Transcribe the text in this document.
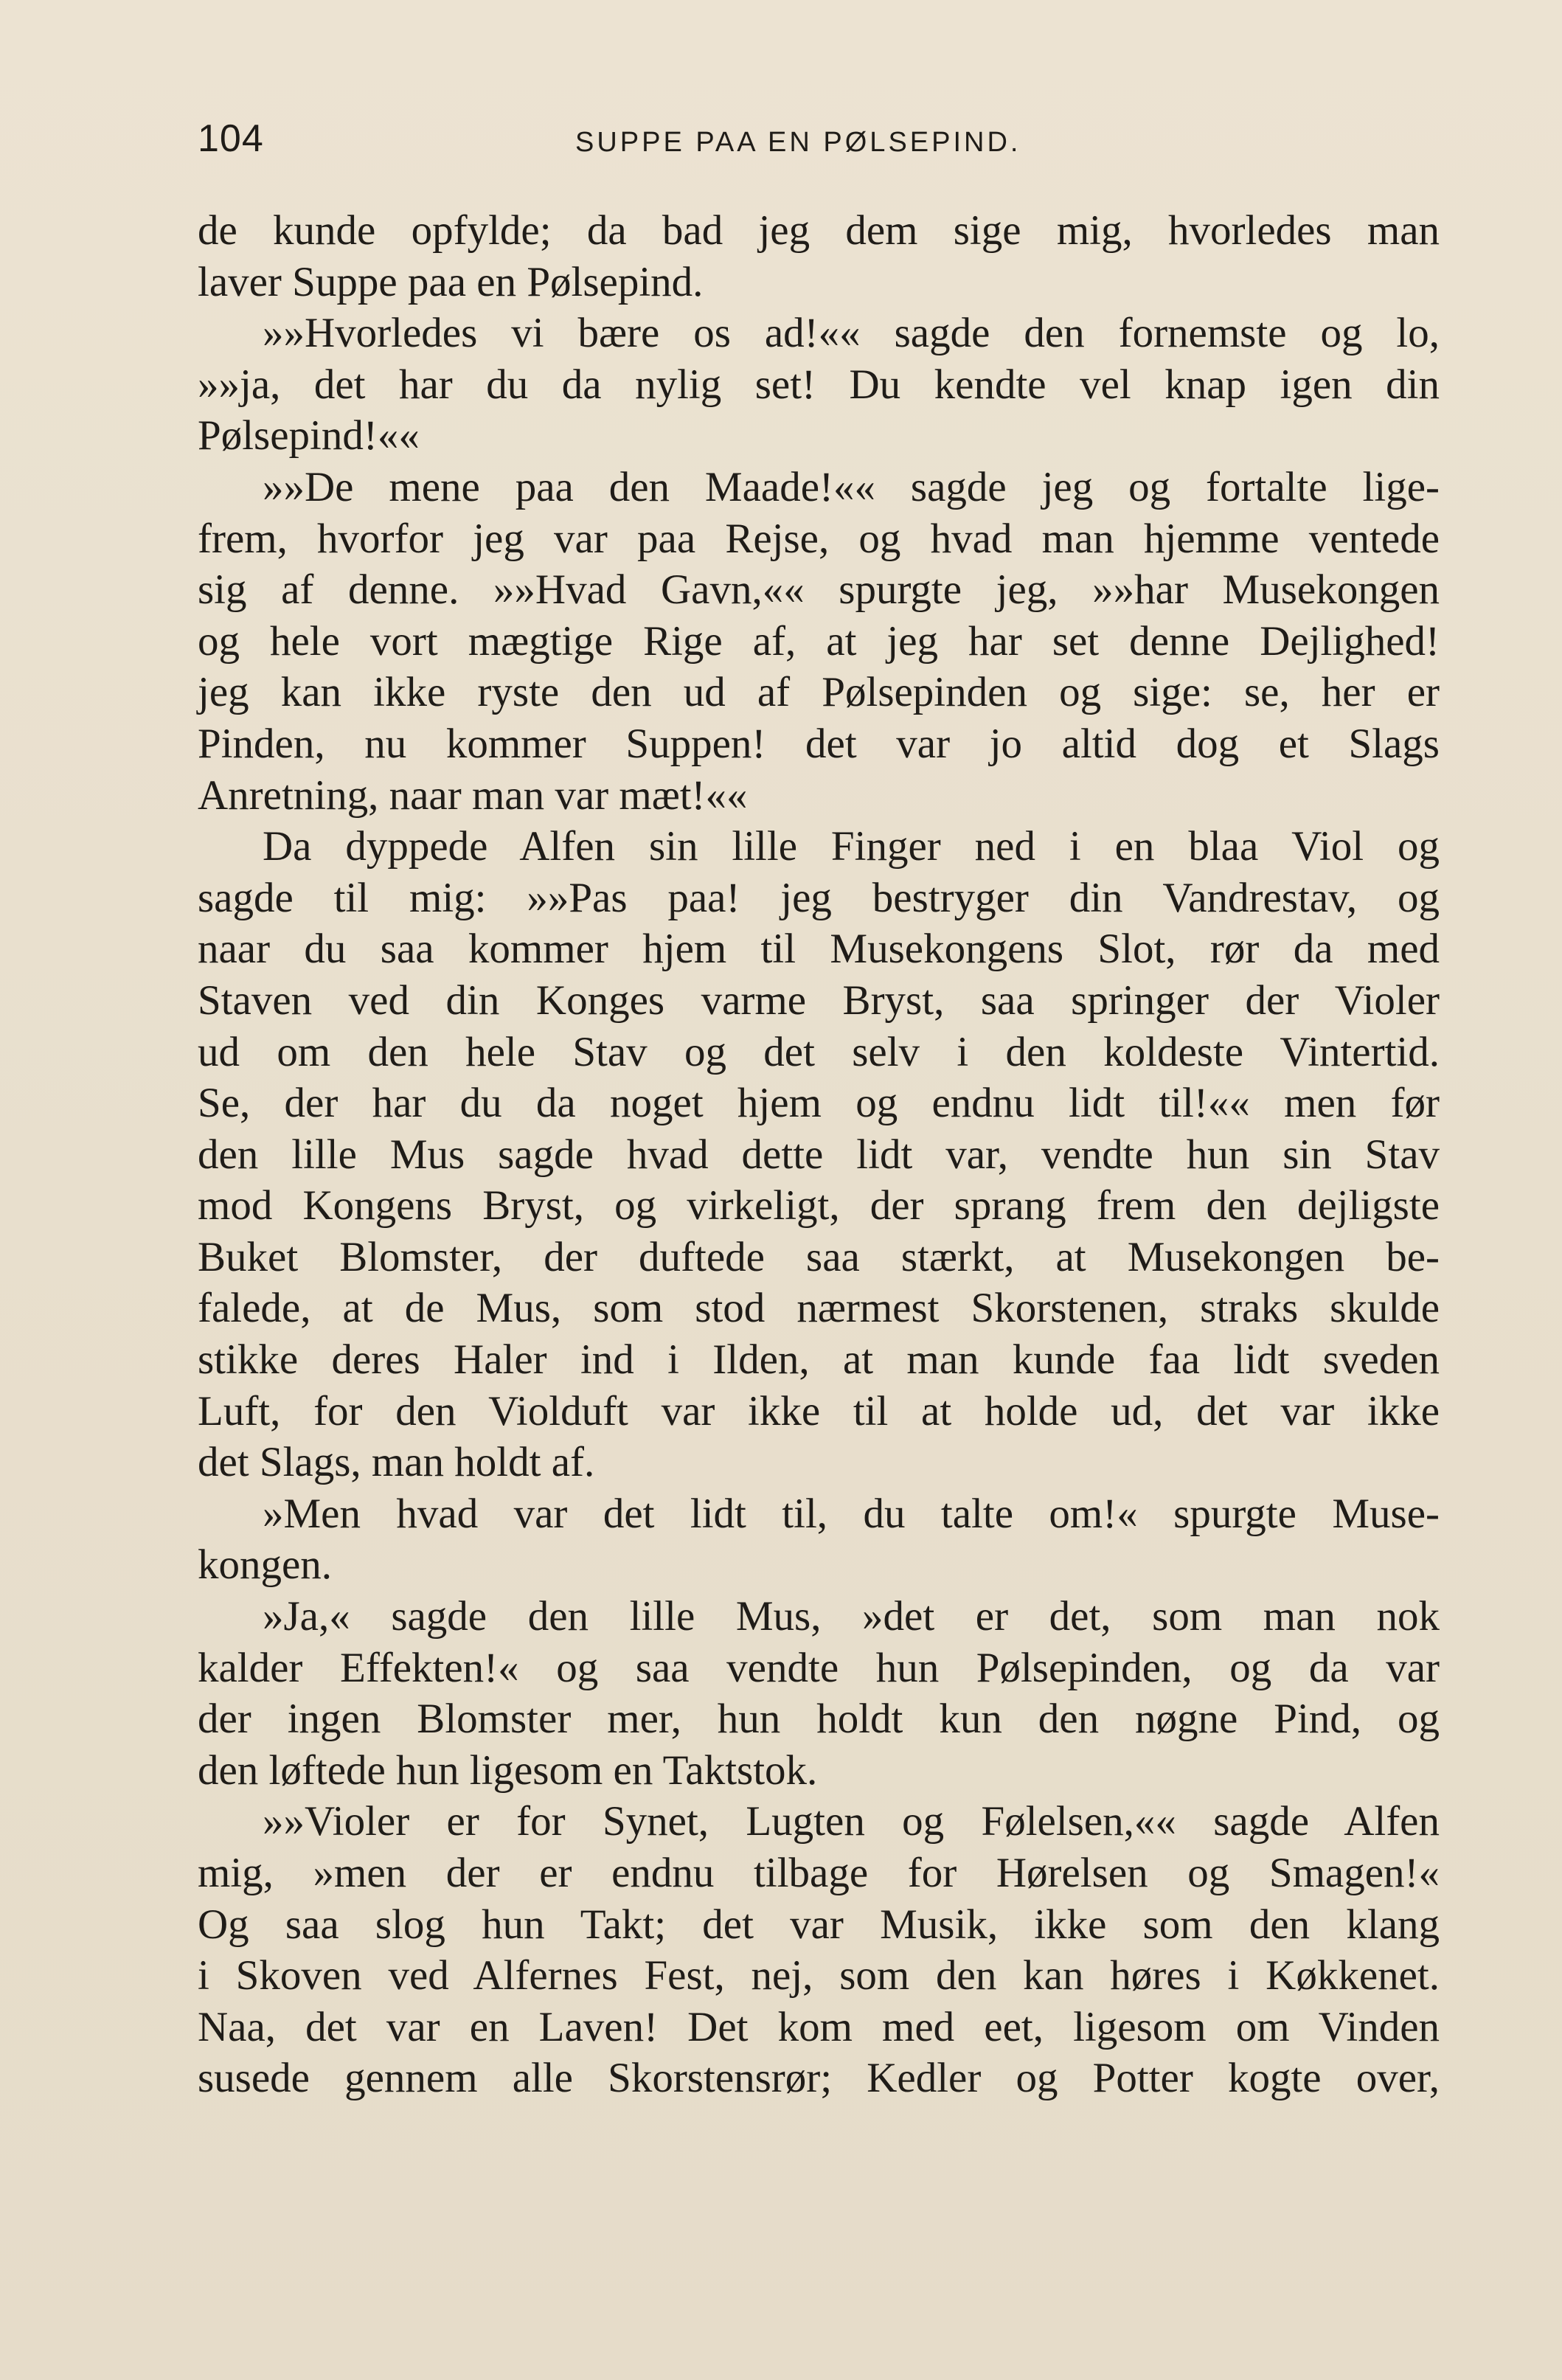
104	SUPPE PAA EN PØLSEPIND.
de kunde opfylde; da bad jeg dem sige mig, hvorledes man
laver Suppe paa en Pølsepind.
»»Hvorledes vi bære os ad!«« sagde den fornemste og lo,
»»ja, det har du da nylig set! Du kendte vel knap igen din
Pølsepind!««
»»De mene paa den Maade!«« sagde jeg og fortalte lige-
frem, hvorfor jeg var paa Rejse, og hvad man hjemme ventede
sig af denne. »»Hvad Gavn,«« spurgte jeg, »»har Musekongen
og hele vort mægtige Rige af, at jeg har set denne Dejlighed!
jeg kan ikke ryste den ud af Pølsepinden og sige: se, her er
Pinden, nu kommer Suppen! det var jo altid dog et Slags
Anretning, naar man var mæt!««
Da dyppede Alfen sin lille Finger ned i en blaa Viol og
sagde til mig: »»Pas paa! jeg bestryger din Vandrestav, og
naar du saa kommer hjem til Musekongens Slot, rør da med
Staven ved din Konges varme Bryst, saa springer der Violer
ud om den hele Stav og det selv i den koldeste Vintertid.
Se, der har du da noget hjem og endnu lidt til!«« men før
den lille Mus sagde hvad dette lidt var, vendte hun sin Stav
mod Kongens Bryst, og virkeligt, der sprang frem den dejligste
Buket Blomster, der duftede saa stærkt, at Musekongen be-
falede, at de Mus, som stod nærmest Skorstenen, straks skulde
stikke deres Haler ind i Ilden, at man kunde faa lidt sveden
Luft, for den Violduft var ikke til at holde ud, det var ikke
det Slags, man holdt af.
»Men hvad var det lidt til, du talte om!« spurgte Muse-
kongen.
»Ja,« sagde den lille Mus, »det er det, som man nok
kalder Effekten!« og saa vendte hun Pølsepinden, og da var
der ingen Blomster mer, hun holdt kun den nøgne Pind, og
den løftede hun ligesom en Taktstok.
»»Violer er for Synet, Lugten og Følelsen,«« sagde Alfen
mig, »men der er endnu tilbage for Hørelsen og Smagen!«
Og saa slog hun Takt; det var Musik, ikke som den klang
i Skoven ved Alfernes Fest, nej, som den kan høres i Køkkenet.
Naa, det var en Laven! Det kom med eet, ligesom om Vinden
susede gennem alle Skorstensrør; Kedler og Potter kogte over,
